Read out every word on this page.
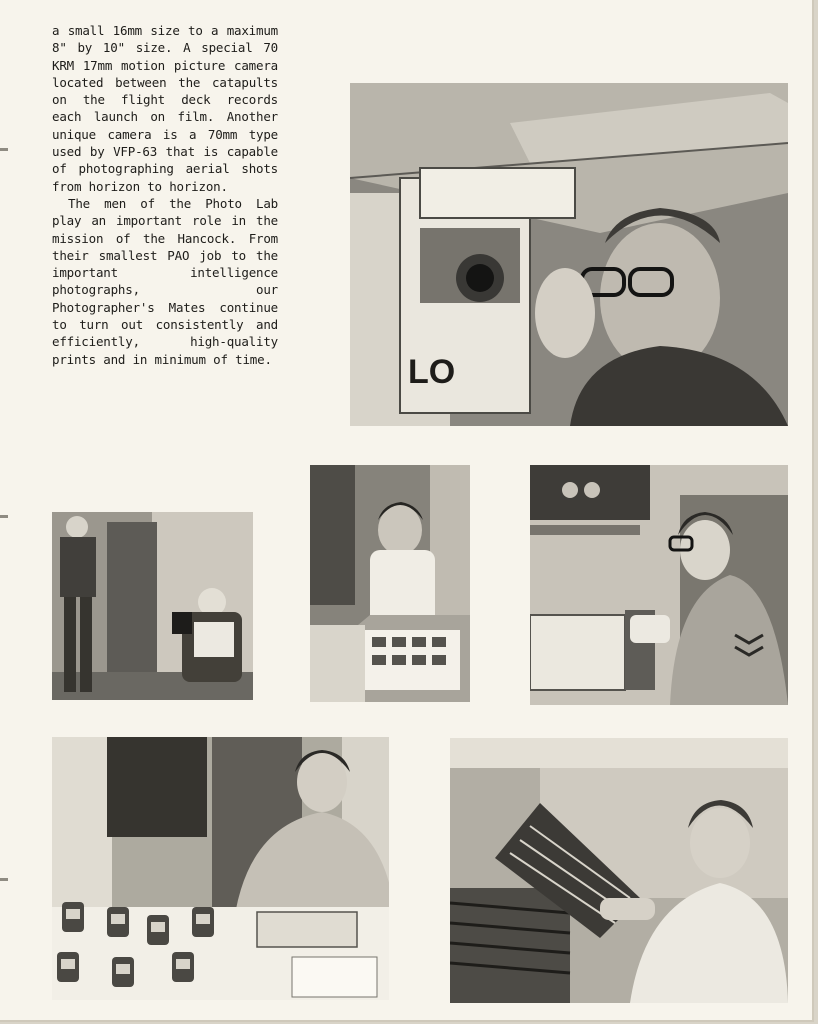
a small 16mm size to a maximum 8" by 10" size. A special 70 KRM 17mm motion picture camera located between the catapults on the flight deck records each launch on film. Another unique camera is a 70mm type used by VFP-63 that is capable of photographing aerial shots from horizon to horizon.

The men of the Photo Lab play an important role in the mission of the Hancock. From their smallest PAO job to the important intelligence photographs, our Photographer's Mates continue to turn out consistently and efficiently, high-quality prints and in minimum of time.	LO
